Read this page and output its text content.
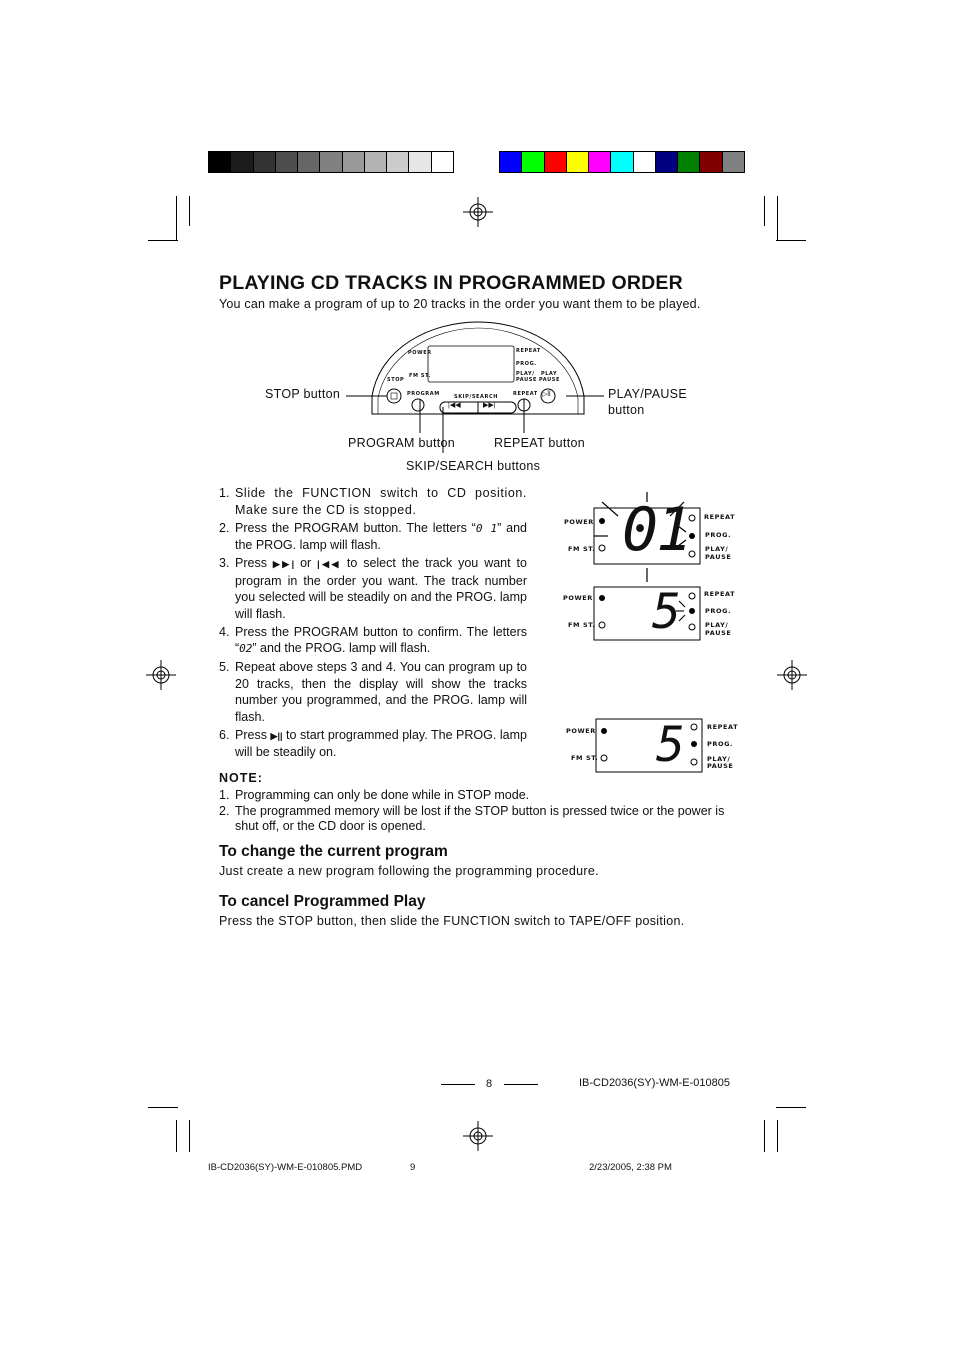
PLAYING CD TRACKS IN PROGRAMMED ORDER
You can make a program of up to 20 tracks in the order you want them to be played.
POWER
FM ST.
STOP
PROGRAM	SKIP/SEARCH	REPEAT
REPEAT
PROG.
PLAY/
PAUSE
PLAY
PAUSE
|◀◀	▶▶|
▷ll
STOP button	PLAY/PAUSE
button
PROGRAM button	REPEAT button
SKIP/SEARCH buttons
1. Slide the FUNCTION switch to CD position. Make sure the CD is stopped.
2. Press the PROGRAM button. The letters “0 1” and the PROG. lamp will flash.
3. Press ▶▶| or |◀◀ to select the track you want to program in the order you want. The track number you selected will be steadily on and the PROG. lamp will flash.
4. Press the PROGRAM button to confirm. The letters “02” and the PROG. lamp will flash.
5. Repeat above steps 3 and 4. You can program up to 20 tracks, then the display will show the tracks number you programmed, and the PROG. lamp will flash.
6. Press ▶|| to start programmed play. The PROG. lamp will be steadily on.
01
POWER
FM ST.
REPEAT
PROG.
PLAY/
PAUSE
5
POWER
FM ST.
REPEAT
PROG.
PLAY/
PAUSE
5
POWER
FM ST.
REPEAT
PROG.
PLAY/
PAUSE
NOTE:
1. Programming can only be done while in STOP mode.
2. The programmed memory will be lost if the STOP button is pressed twice or the power is shut off, or the CD door is opened.
To change the current program
Just create a new program following the programming procedure.
To cancel Programmed Play
Press the STOP button, then slide the FUNCTION switch to TAPE/OFF position.
8	IB-CD2036(SY)-WM-E-010805
IB-CD2036(SY)-WM-E-010805.PMD	9	2/23/2005, 2:38 PM
